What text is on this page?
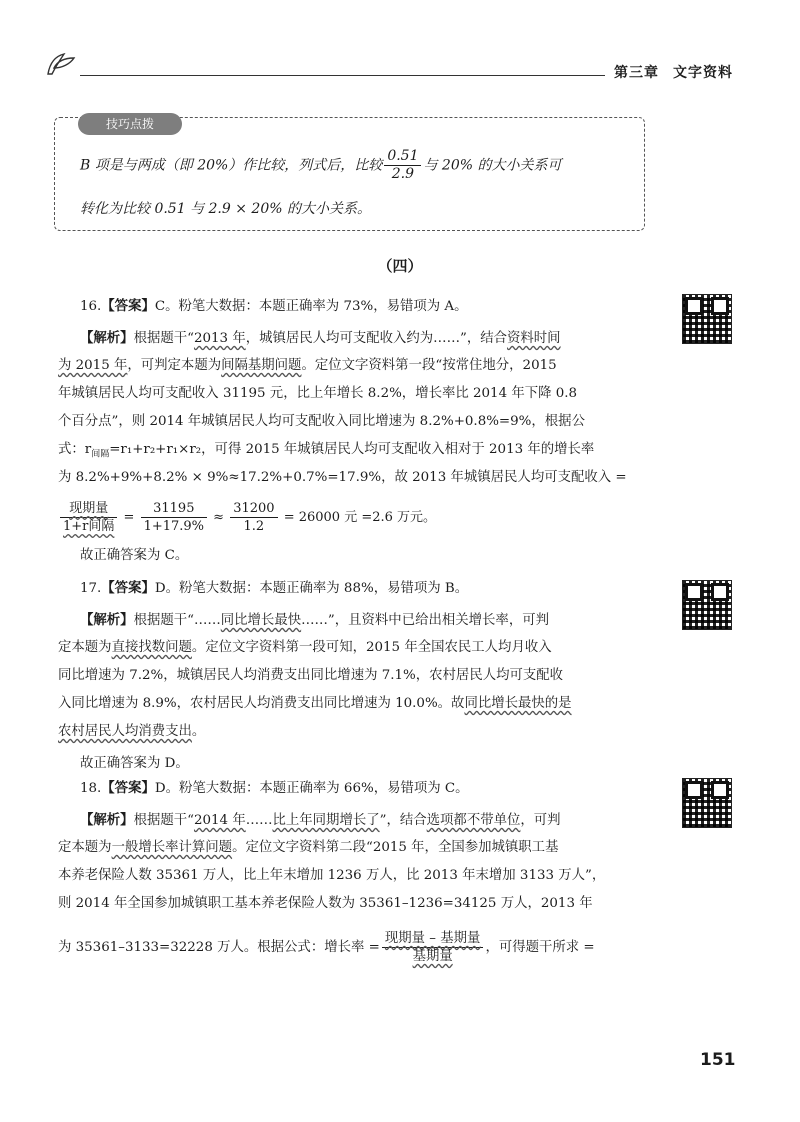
第三章 文字资料
技巧点拨
B 项是与两成（即 20%）作比较，列式后，比较 $\frac{0.51}{2.9}$ 与 20% 的大小关系可
转化为比较 0.51 与 2.9 × 20% 的大小关系。
（四）
16.【答案】C。粉笔大数据：本题正确率为 73%，易错项为 A。
【解析】根据题干“2013 年，城镇居民人均可支配收入约为……”，结合资料时间
为 2015 年，可判定本题为间隔基期问题。定位文字资料第一段“按常住地分，2015
年城镇居民人均可支配收入 31195 元，比上年增长 8.2%，增长率比 2014 年下降 0.8
个百分点”，则 2014 年城镇居民人均可支配收入同比增速为 8.2%+0.8%=9%，根据公
式：$r_{间隔}=r_1+r_2+r_1\times r_2$，可得 2015 年城镇居民人均可支配收入相对于 2013 年的增长率
为 8.2%+9%+8.2% × 9%≈17.2%+0.7%=17.9%，故 2013 年城镇居民人均可支配收入 =
$\frac{\text{现期量}}{\text{1+r间隔}} = \frac{31195}{1+17.9\%} \approx \frac{31200}{1.2} = 26000$ 元 =2.6 万元。
故正确答案为 C。
17.【答案】D。粉笔大数据：本题正确率为 88%，易错项为 B。
【解析】根据题干“……同比增长最快……”，且资料中已给出相关增长率，可判
定本题为直接找数问题。定位文字资料第一段可知，2015 年全国农民工人均月收入
同比增速为 7.2%，城镇居民人均消费支出同比增速为 7.1%，农村居民人均可支配收
入同比增速为 8.9%，农村居民人均消费支出同比增速为 10.0%。故同比增长最快的是
农村居民人均消费支出。
故正确答案为 D。
18.【答案】D。粉笔大数据：本题正确率为 66%，易错项为 C。
【解析】根据题干“2014 年……比上年同期增长了”，结合选项都不带单位，可判
定本题为一般增长率计算问题。定位文字资料第二段“2015 年，全国参加城镇职工基
本养老保险人数 35361 万人，比上年末增加 1236 万人，比 2013 年末增加 3133 万人”，
则 2014 年全国参加城镇职工基本养老保险人数为 35361–1236=34125 万人，2013 年
为 35361–3133=32228 万人。根据公式：增长率 = $\frac{\text{现期量 – 基期量}}{\text{基期量}}$ ，可得题干所求 =
151
